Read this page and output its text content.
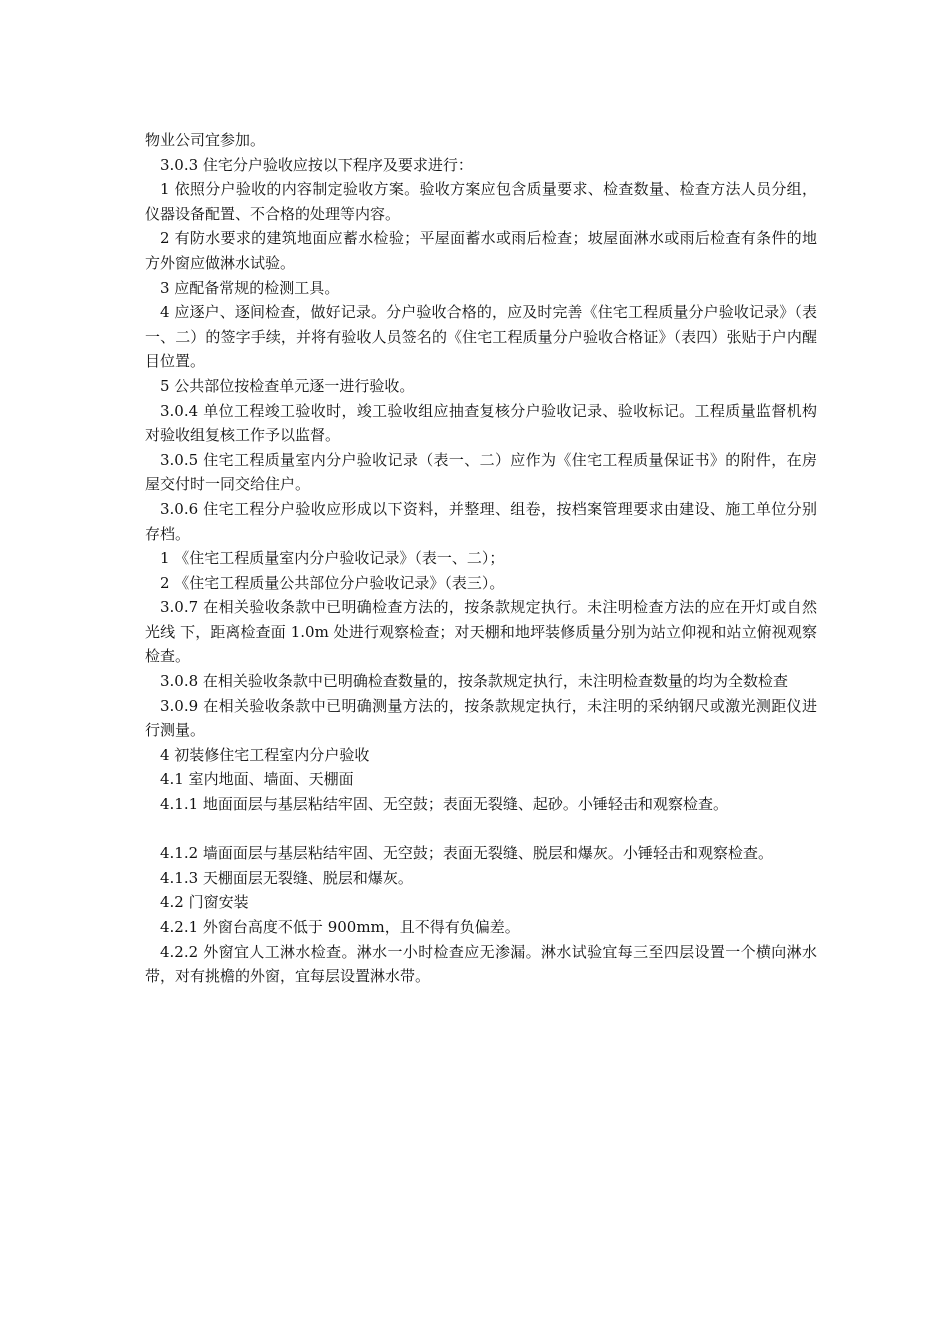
物业公司宜参加。

3.0.3 住宅分户验收应按以下程序及要求进行：

1 依照分户验收的内容制定验收方案。验收方案应包含质量要求、检查数量、检查方法人员分组，仪器设备配置、不合格的处理等内容。

2 有防水要求的建筑地面应蓄水检验；平屋面蓄水或雨后检查；坡屋面淋水或雨后检查有条件的地方外窗应做淋水试验。

3 应配备常规的检测工具。

4 应逐户、逐间检查，做好记录。分户验收合格的，应及时完善《住宅工程质量分户验收记录》（表 一、二）的签字手续，并将有验收人员签名的《住宅工程质量分户验收合格证》（表四）张贴于户内醒目位置。

5 公共部位按检查单元逐一进行验收。

3.0.4 单位工程竣工验收时，竣工验收组应抽查复核分户验收记录、验收标记。工程质量监督机构对验收组复核工作予以监督。

3.0.5 住宅工程质量室内分户验收记录（表一、二）应作为《住宅工程质量保证书》的附件，在房屋交付时一同交给住户。

3.0.6 住宅工程分户验收应形成以下资料，并整理、组卷，按档案管理要求由建设、施工单位分别存档。

1 《住宅工程质量室内分户验收记录》（表一、二）；

2 《住宅工程质量公共部位分户验收记录》（表三）。

3.0.7 在相关验收条款中已明确检查方法的，按条款规定执行。未注明检查方法的应在开灯或自然光线 下，距离检查面 1.0m 处进行观察检查；对天棚和地坪装修质量分别为站立仰视和站立俯视观察检查。

3.0.8 在相关验收条款中已明确检查数量的，按条款规定执行，未注明检查数量的均为全数检查

3.0.9 在相关验收条款中已明确测量方法的，按条款规定执行，未注明的采纳钢尺或激光测距仪进行测量。

4 初装修住宅工程室内分户验收

4.1 室内地面、墙面、天棚面

4.1.1 地面面层与基层粘结牢固、无空鼓；表面无裂缝、起砂。小锤轻击和观察检查。

4.1.2 墙面面层与基层粘结牢固、无空鼓；表面无裂缝、脱层和爆灰。小锤轻击和观察检查。

4.1.3 天棚面层无裂缝、脱层和爆灰。

4.2 门窗安装

4.2.1 外窗台高度不低于 900mm，且不得有负偏差。

4.2.2 外窗宜人工淋水检查。淋水一小时检查应无渗漏。淋水试验宜每三至四层设置一个横向淋水带，对有挑檐的外窗，宜每层设置淋水带。
